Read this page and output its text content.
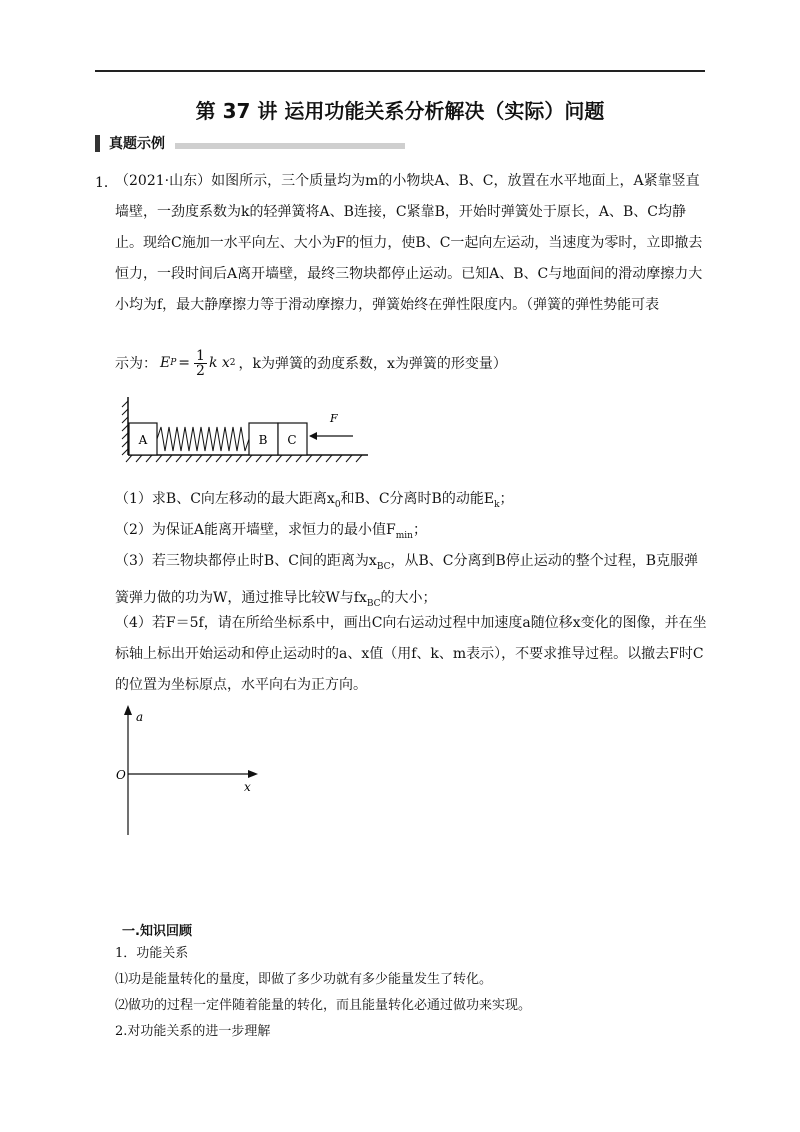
第 37 讲 运用功能关系分析解决（实际）问题
真题示例
1．
（2021·山东）如图所示，三个质量均为m的小物块A、B、C，放置在水平地面上，A紧靠竖直墙壁，一劲度系数为k的轻弹簧将A、B连接，C紧靠B，开始时弹簧处于原长，A、B、C均静止。现给C施加一水平向左、大小为F的恒力，使B、C一起向左运动，当速度为零时，立即撤去恒力，一段时间后A离开墙壁，最终三物块都停止运动。已知A、B、C与地面间的滑动摩擦力大小均为f，最大静摩擦力等于滑动摩擦力，弹簧始终在弹性限度内。（弹簧的弹性势能可表
示为： E $P = \frac{1}{2}$ k x 2 ，k为弹簧的劲度系数，x为弹簧的形变量）
A	B C
F
（1）求B、C向左移动的最大距离$x_0$和B、C分离时B的动能$E_k$；
（2）为保证A能离开墙壁，求恒力的最小值$F_{min}$；
（3）若三物块都停止时B、C间的距离为$x_{BC}$，从B、C分离到B停止运动的整个过程，B克服弹簧弹力做的功为W，通过推导比较W与$fx_{BC}$的大小；
（4）若F＝5f，请在所给坐标系中，画出C向右运动过程中加速度a随位移x变化的图像，并在坐标轴上标出开始运动和停止运动时的a、x值（用f、k、m表示），不要求推导过程。以撤去F时C的位置为坐标原点，水平向右为正方向。
a
x
O
一.知识回顾
1．功能关系
⑴功是能量转化的量度，即做了多少功就有多少能量发生了转化。
⑵做功的过程一定伴随着能量的转化，而且能量转化必通过做功来实现。
2.对功能关系的进一步理解
